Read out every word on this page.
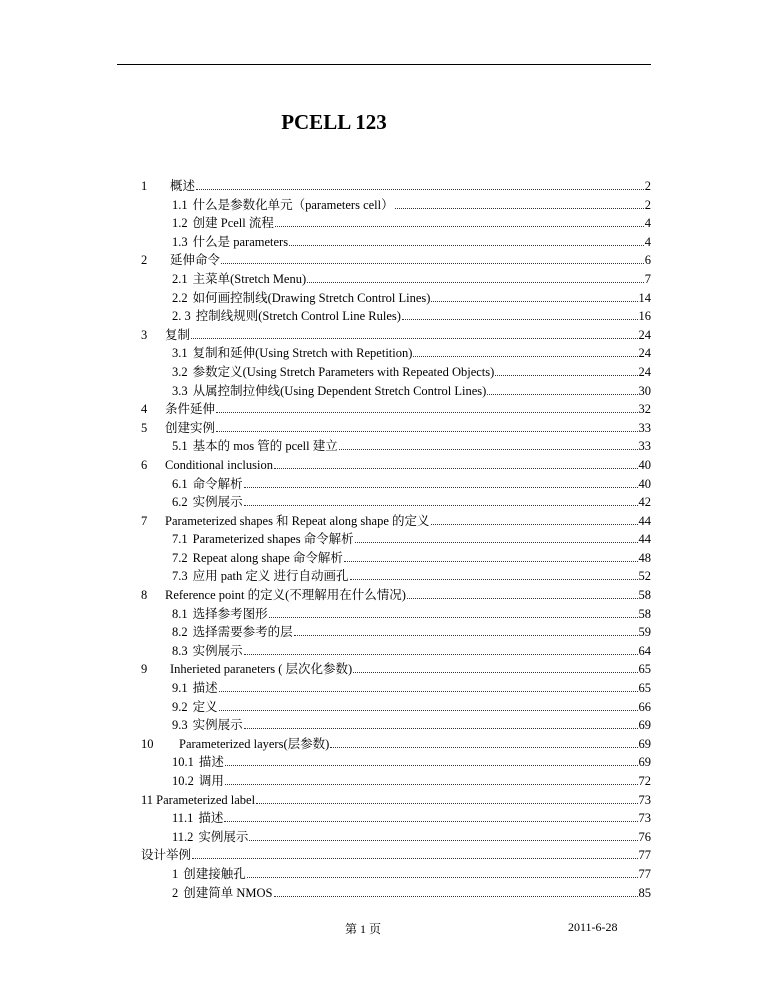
PCELL 123
1	概述	2
1.1 什么是参数化单元（parameters cell）	2
1.2 创建 Pcell 流程	4
1.3 什么是 parameters	4
2	延伸命令	6
2.1 主菜单(Stretch Menu)	7
2.2 如何画控制线(Drawing Stretch Control Lines)	14
2. 3 控制线规则(Stretch Control Line Rules)	16
3	复制	24
3.1 复制和延伸(Using Stretch with Repetition)	24
3.2 参数定义(Using Stretch Parameters with Repeated Objects)	24
3.3 从属控制拉伸线(Using Dependent Stretch Control Lines)	30
4	条件延伸	32
5	创建实例	33
5.1 基本的 mos 管的 pcell 建立	33
6	Conditional inclusion	40
6.1 命令解析	40
6.2 实例展示	42
7	Parameterized shapes 和 Repeat along shape 的定义	44
7.1 Parameterized shapes 命令解析	44
7.2 Repeat along shape 命令解析	48
7.3 应用 path 定义 进行自动画孔	52
8	Reference point 的定义(不理解用在什么情况)	58
8.1 选择参考图形	58
8.2 选择需要参考的层	59
8.3 实例展示	64
9	Inherieted paraneters ( 层次化参数)	65
9.1 描述	65
9.2 定义	66
9.3 实例展示	69
10	Parameterized layers(层参数)	69
10.1 描述	69
10.2 调用	72
11 Parameterized label	73
11.1 描述	73
11.2 实例展示	76
设计举例	77
1 创建接触孔	77
2 创建简单 NMOS	85
第 1 页	2011-6-28
